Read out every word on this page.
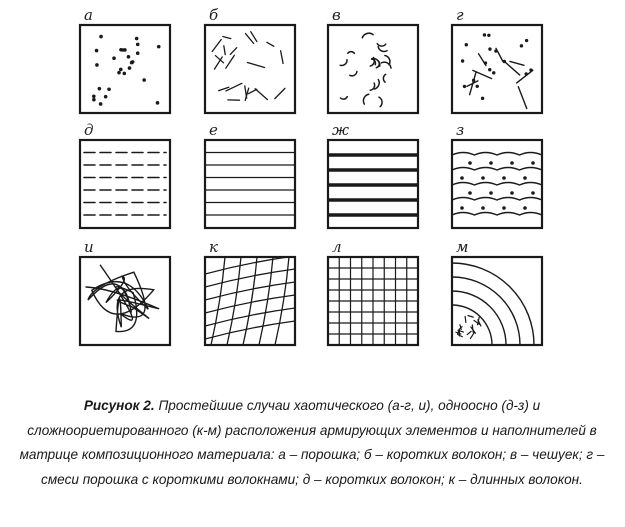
а	б	в	г
д	е	ж	з
и	к	л	м
Рисунок 2. Простейшие случаи хаотического (а-г, и), одноосно (д-з) и сложноориетированного (к-м) расположения армирующих элементов и наполнителей в матрице композиционного материала: а – порошка; б – коротких волокон; в – чешуек; г – смеси порошка с короткими волокнами; д – коротких волокон; к – длинных волокон.
